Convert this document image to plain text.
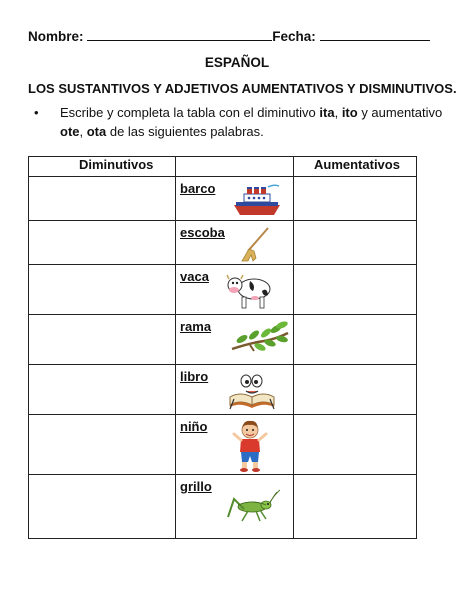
Nombre:	Fecha:
ESPAÑOL
LOS SUSTANTIVOS Y ADJETIVOS AUMENTATIVOS Y DISMINUTIVOS.
•	Escribe y completa la tabla con el diminutivo ita, ito y aumentativo ote, ota de las siguientes palabras.
Diminutivos		Aumentativos

	barco	

	escoba	

	vaca	

	rama	

	libro	

	niño	

	grillo	
